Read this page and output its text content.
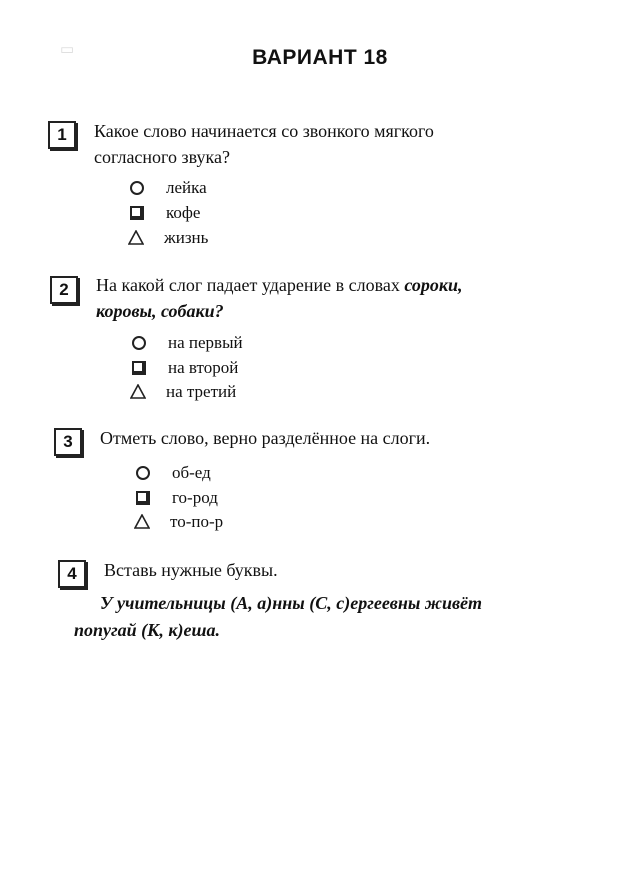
▭	ВАРИАНТ 18
1	Какое слово начинается со звонкого мягкого
согласного звука?
лейка
кофе
жизнь
2	На какой слог падает ударение в словах сороки,
коровы, собаки?
на первый
на второй
на третий
3	Отметь слово, верно разделённое на слоги.
об-ед
го-род
то-по-р
4	Вставь нужные буквы.
У учительницы (А, а)нны (С, с)ергеевны живёт
попугай (К, к)еша.
